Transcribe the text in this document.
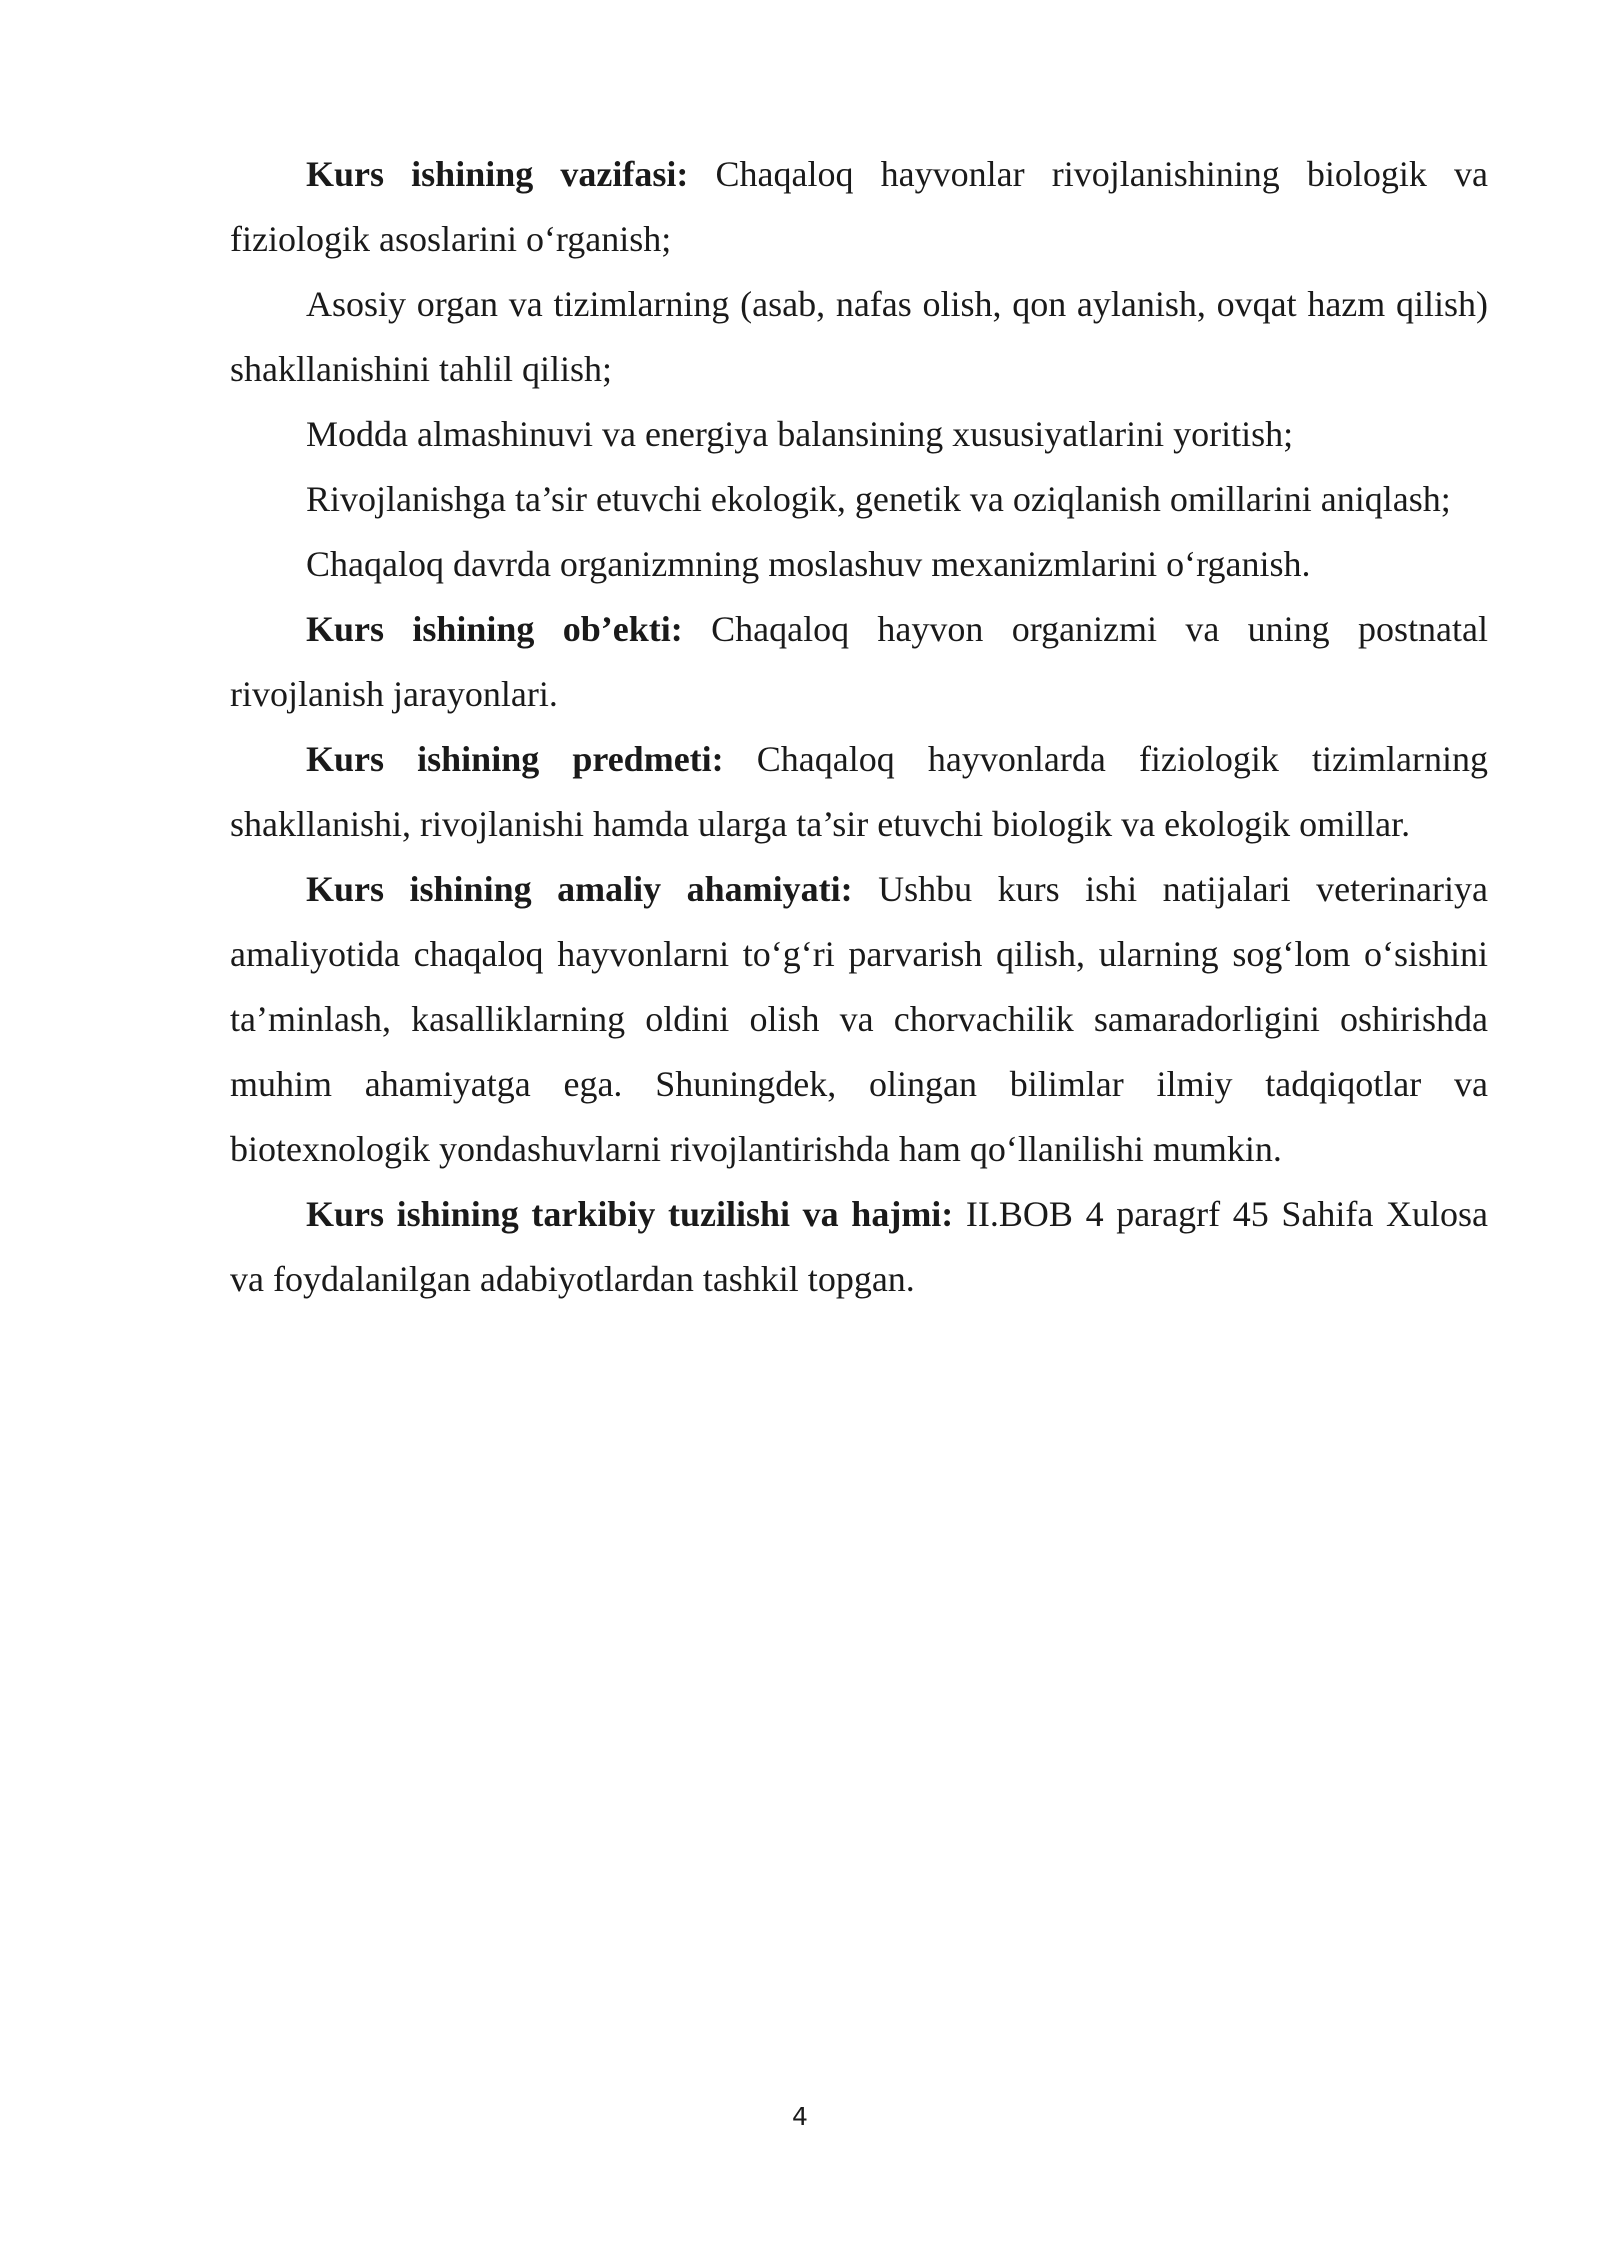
Kurs ishining vazifasi: Chaqaloq hayvonlar rivojlanishining biologik va fiziologik asoslarini o‘rganish;

Asosiy organ va tizimlarning (asab, nafas olish, qon aylanish, ovqat hazm qilish) shakllanishini tahlil qilish;

Modda almashinuvi va energiya balansining xususiyatlarini yoritish;

Rivojlanishga ta’sir etuvchi ekologik, genetik va oziqlanish omillarini aniqlash;

Chaqaloq davrda organizmning moslashuv mexanizmlarini o‘rganish.

Kurs ishining ob’ekti: Chaqaloq hayvon organizmi va uning postnatal rivojlanish jarayonlari.

Kurs ishining predmeti: Chaqaloq hayvonlarda fiziologik tizimlarning shakllanishi, rivojlanishi hamda ularga ta’sir etuvchi biologik va ekologik omillar.

Kurs ishining amaliy ahamiyati: Ushbu kurs ishi natijalari veterinariya amaliyotida chaqaloq hayvonlarni to‘g‘ri parvarish qilish, ularning sog‘lom o‘sishini ta’minlash, kasalliklarning oldini olish va chorvachilik samaradorligini oshirishda muhim ahamiyatga ega. Shuningdek, olingan bilimlar ilmiy tadqiqotlar va biotexnologik yondashuvlarni rivojlantirishda ham qo‘llanilishi mumkin.

Kurs ishining tarkibiy tuzilishi va hajmi: II.BOB 4 paragrf 45 Sahifa Xulosa va foydalanilgan adabiyotlardan tashkil topgan.

4
